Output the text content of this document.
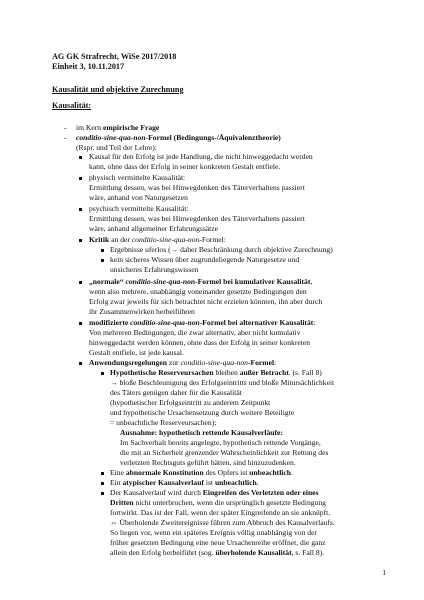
AG GK Strafrecht, WiSe 2017/2018
Einheit 3, 10.11.2017
Kausalität und objektive Zurechnung
Kausalität:
- im Kern empirische Frage
- conditio-sine-qua-non-Formel (Bedingungs-/Äquivalenztheorie)
(Rspr. und Teil der Lehre):
Kausal für den Erfolg ist jede Handlung, die nicht hinweggedacht werden
kann, ohne dass der Erfolg in seiner konkreten Gestalt entfiele.
physisch vermittelte Kausalität:
Ermittlung dessen, was bei Hinwegdenken des Täterverhaltens passiert
wäre, anhand von Naturgesetzen
psychisch vermittelte Kausalität:
Ermittlung dessen, was bei Hinwegdenken des Täterverhaltens passiert
wäre, anhand allgemeiner Erfahrungssätze
Kritik an der conditio-sine-qua-non-Formel:
Ergebnisse uferlos (→ daher Beschränkung durch objektive Zurechnung)
kein sicheres Wissen über zugrundeliegende Naturgesetze und
unsicheres Erfahrungswissen
„normale“ conditio-sine-qua-non-Formel bei kumulativer Kausalität,
wenn also mehrere, unabhängig voneinander gesetzte Bedingungen den
Erfolg zwar jeweils für sich betrachtet nicht erzielen könnten, ihn aber durch
ihr Zusammenwirken herbeiführen
modifizierte conditio-sine-qua-non-Formel bei alternativer Kausalität:
Von mehreren Bedingungen, die zwar alternativ, aber nicht kumulativ
hinweggedacht werden können, ohne dass der Erfolg in seiner konkreten
Gestalt entfiele, ist jede kausal.
Anwendungsregelungen zur conditio-sine-qua-non-Formel:
Hypothetische Reserveursachen bleiben außer Betracht. (s. Fall 8)
→ bloße Beschleunigung des Erfolgseintritts und bloße Mitursächlichkeit
des Täters genügen daher für die Kausalität
(hypothetischer Erfolgseintritt zu anderem Zeitpunkt
und hypothetische Ursachensetzung durch weitere Beteiligte
= unbeachtliche Reserveursachen);
Ausnahme: hypothetisch rettende Kausalverläufe:
Im Sachverhalt bereits angelegte, hypothetisch rettende Vorgänge,
die mit an Sicherheit grenzender Wahrscheinlichkeit zur Rettung des
verletzten Rechtsguts geführt hätten, sind hinzuzudenken.
Eine abnormale Konstitution des Opfers ist unbeachtlich.
Ein atypischer Kausalverlauf ist unbeachtlich.
Der Kausalverlauf wird durch Eingreifen des Verletzten oder eines
Dritten nicht unterbrochen, wenn die ursprünglich gesetzte Bedingung
fortwirkt. Das ist der Fall, wenn der später Eingreifende an sie anknüpft.
⇔ Überholende Zweitereignisse führen zum Abbruch des Kausalverlaufs.
So liegen vor, wenn ein späteres Ereignis völlig unabhängig von der
früher gesetzten Bedingung eine neue Ursachenreihe eröffnet, die ganz
allein den Erfolg herbeiführt (sog. überholende Kausalität, s. Fall 8).
1
